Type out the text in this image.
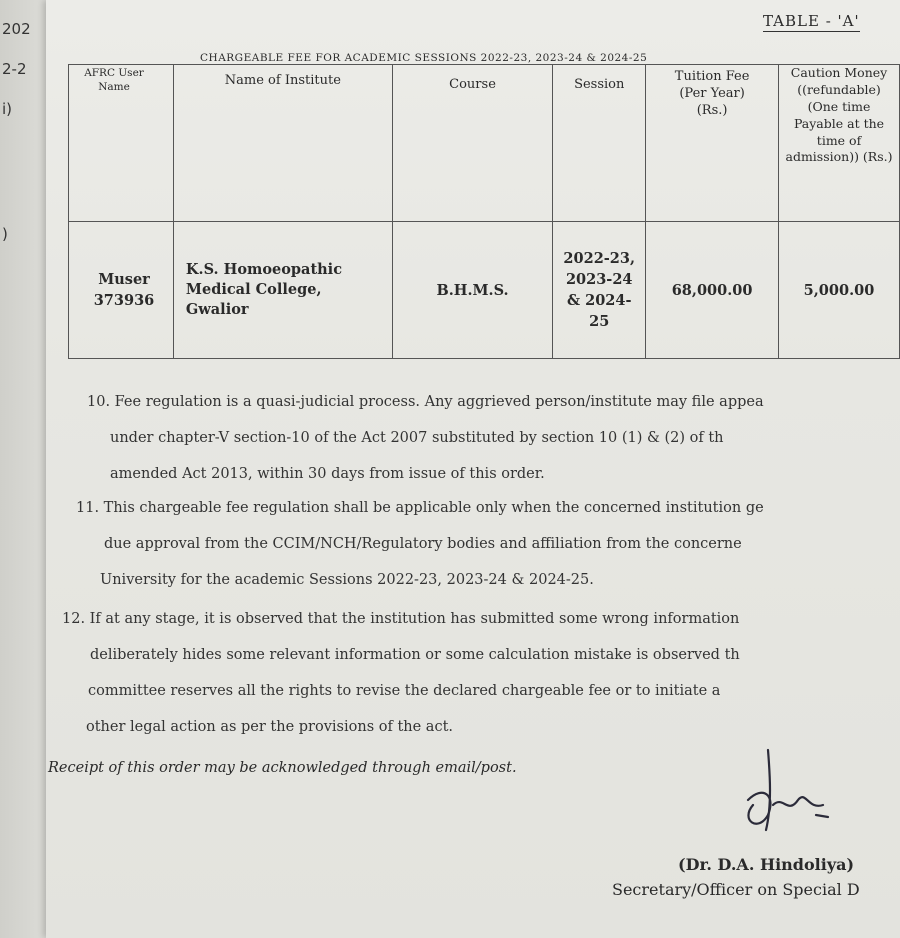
202
2-2
i)
)
TABLE - 'A'
CHARGEABLE FEE FOR ACADEMIC SESSIONS 2022-23, 2023-24 & 2024-25
AFRC User Name	Name of Institute	Course	Session	Tuition Fee (Per Year) (Rs.)	Caution Money ((refundable) (One time Payable at the time of admission)) (Rs.)

Muser 373936	K.S. Homoeopathic Medical College, Gwalior	B.H.M.S.	2022-23, 2023-24 & 2024-25	68,000.00	5,000.00
10. Fee regulation is a quasi-judicial process. Any aggrieved person/institute may file appea
under chapter-V section-10 of the Act 2007 substituted by section 10 (1) & (2) of th
amended Act 2013, within 30 days from issue of this order.
11. This chargeable fee regulation shall be applicable only when the concerned institution ge
due approval from the CCIM/NCH/Regulatory bodies and affiliation from the concerne
University for the academic Sessions 2022-23, 2023-24 & 2024-25.
12. If at any stage, it is observed that the institution has submitted some wrong information
deliberately hides some relevant information or some calculation mistake is observed th
committee reserves all the rights to revise the declared chargeable fee or to initiate a
other legal action as per the provisions of the act.
Receipt of this order may be acknowledged through email/post.
(Dr. D.A. Hindoliya)
Secretary/Officer on Special D
